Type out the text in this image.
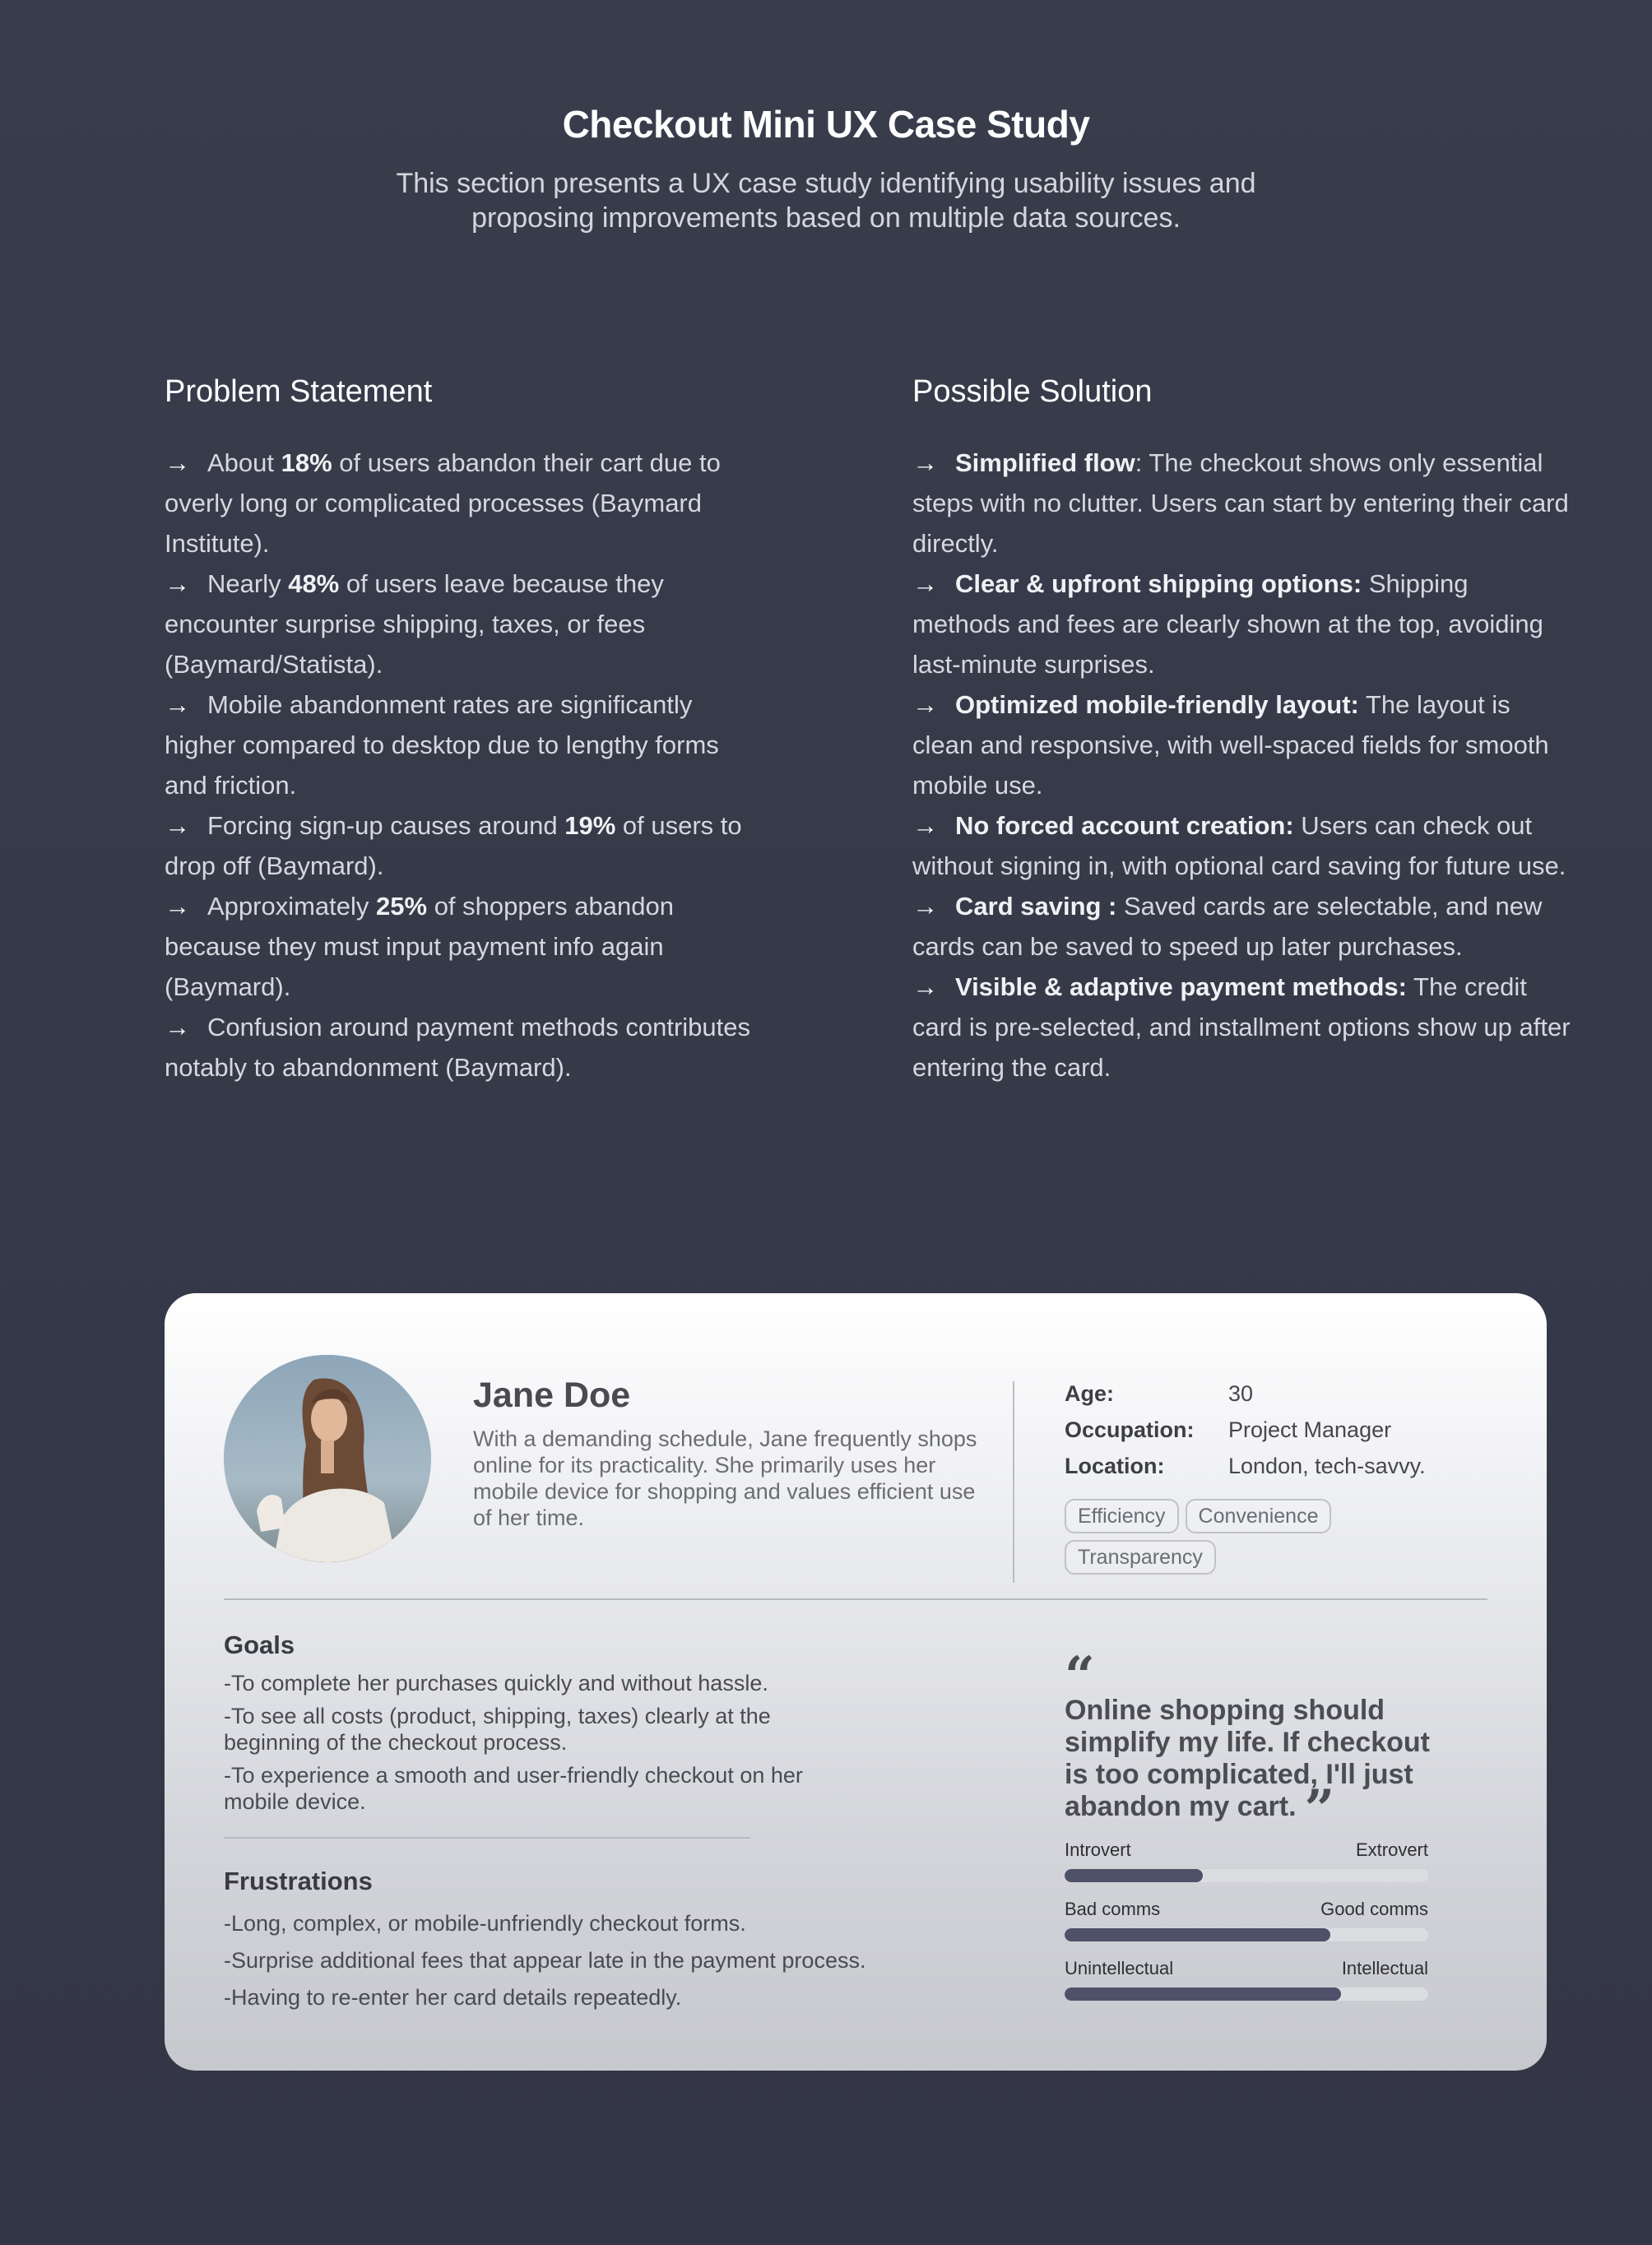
Checkout Mini UX Case Study

This section presents a UX case study identifying usability issues and proposing improvements based on multiple data sources.

Problem Statement
→ About 18% of users abandon their cart due to overly long or complicated processes (Baymard Institute).
→ Nearly 48% of users leave because they encounter surprise shipping, taxes, or fees (Baymard/Statista).
→ Mobile abandonment rates are significantly higher compared to desktop due to lengthy forms and friction.
→ Forcing sign-up causes around 19% of users to drop off (Baymard).
→ Approximately 25% of shoppers abandon because they must input payment info again (Baymard).
→ Confusion around payment methods contributes notably to abandonment (Baymard).
Possible Solution
→ Simplified flow: The checkout shows only essential steps with no clutter. Users can start by entering their card directly.
→ Clear & upfront shipping options: Shipping methods and fees are clearly shown at the top, avoiding last-minute surprises.
→ Optimized mobile-friendly layout: The layout is clean and responsive, with well-spaced fields for smooth mobile use.
→ No forced account creation: Users can check out without signing in, with optional card saving for future use.
→ Card saving : Saved cards are selectable, and new cards can be saved to speed up later purchases.
→ Visible & adaptive payment methods: The credit card is pre-selected, and installment options show up after entering the card.
Jane Doe
With a demanding schedule, Jane frequently shops online for its practicality. She primarily uses her mobile device for shopping and values efficient use of her time.
Age:	30
Occupation:	Project Manager
Location:	London, tech-savvy.
Efficiency	Convenience
Transparency
Goals
-To complete her purchases quickly and without hassle.
-To see all costs (product, shipping, taxes) clearly at the beginning of the checkout process.
-To experience a smooth and user-friendly checkout on her mobile device.
Frustrations
-Long, complex, or mobile-unfriendly checkout forms.
-Surprise additional fees that appear late in the payment process.
-Having to re-enter her card details repeatedly.
“
Online shopping should simplify my life. If checkout is too complicated, I'll just abandon my cart. ”
Introvert	Extrovert
Bad comms	Good comms
Unintellectual	Intellectual
